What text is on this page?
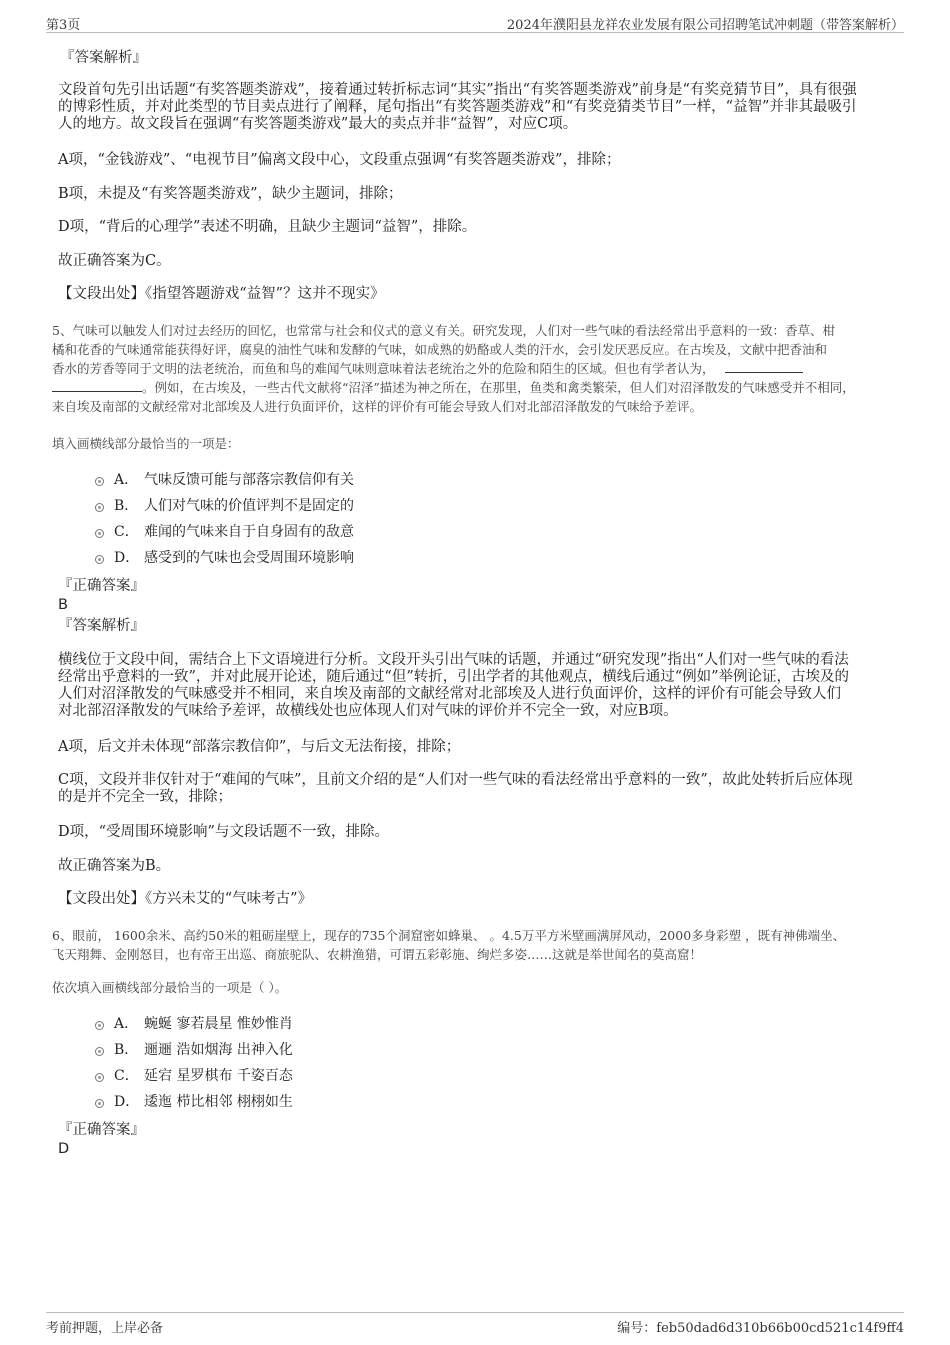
第3页	2024年濮阳县龙祥农业发展有限公司招聘笔试冲刺题（带答案解析）
『答案解析』
文段首句先引出话题“有奖答题类游戏”，接着通过转折标志词“其实”指出“有奖答题类游戏”前身是“有奖竞猜节目”，具有很强
的博彩性质，并对此类型的节目卖点进行了阐释，尾句指出“有奖答题类游戏”和“有奖竞猜类节目”一样，“益智”并非其最吸引
人的地方。故文段旨在强调“有奖答题类游戏”最大的卖点并非“益智”，对应C项。
A项，“金钱游戏”、“电视节目”偏离文段中心，文段重点强调“有奖答题类游戏”，排除；
B项，未提及“有奖答题类游戏”，缺少主题词，排除；
D项，“背后的心理学”表述不明确，且缺少主题词“益智”，排除。
故正确答案为C。
【文段出处】《指望答题游戏“益智”？这并不现实》
5、气味可以触发人们对过去经历的回忆，也常常与社会和仪式的意义有关。研究发现，人们对一些气味的看法经常出乎意料的一致：香草、柑
橘和花香的气味通常能获得好评，腐臭的油性气味和发酵的气味，如成熟的奶酪或人类的汗水，会引发厌恶反应。在古埃及，文献中把香油和
香水的芳香等同于文明的法老统治，而鱼和鸟的难闻气味则意味着法老统治之外的危险和陌生的区域。但也有学者认为，
。例如，在古埃及，一些古代文献将“沼泽”描述为神之所在，在那里，鱼类和禽类繁荣，但人们对沼泽散发的气味感受并不相同，
来自埃及南部的文献经常对北部埃及人进行负面评价，这样的评价有可能会导致人们对北部沼泽散发的气味给予差评。
填入画横线部分最恰当的一项是：
A． 气味反馈可能与部落宗教信仰有关
B． 人们对气味的价值评判不是固定的
C． 难闻的气味来自于自身固有的敌意
D． 感受到的气味也会受周围环境影响
『正确答案』
B
『答案解析』
横线位于文段中间，需结合上下文语境进行分析。文段开头引出气味的话题，并通过“研究发现”指出“人们对一些气味的看法
经常出乎意料的一致”，并对此展开论述，随后通过“但”转折，引出学者的其他观点，横线后通过“例如”举例论证，古埃及的
人们对沼泽散发的气味感受并不相同，来自埃及南部的文献经常对北部埃及人进行负面评价，这样的评价有可能会导致人们
对北部沼泽散发的气味给予差评，故横线处也应体现人们对气味的评价并不完全一致，对应B项。
A项，后文并未体现“部落宗教信仰”，与后文无法衔接，排除；
C项，文段并非仅针对于“难闻的气味”，且前文介绍的是“人们对一些气味的看法经常出乎意料的一致”，故此处转折后应体现
的是并不完全一致，排除；
D项，“受周围环境影响”与文段话题不一致，排除。
故正确答案为B。
【文段出处】《方兴未艾的“气味考古”》
6、眼前， 1600余米、高约50米的粗砺崖壁上，现存的735个洞窟密如蜂巢、 。4.5万平方米壁画满屏风动，2000多身彩塑 ，既有神佛端坐、
飞天翔舞、金刚怒目，也有帝王出巡、商旅驼队、农耕渔猎，可谓五彩彰施、绚烂多姿……这就是举世闻名的莫高窟！
依次填入画横线部分最恰当的一项是（ ）。
A． 蜿蜒 寥若晨星 惟妙惟肖
B． 逦逦 浩如烟海 出神入化
C． 延宕 星罗棋布 千姿百态
D． 逶迤 栉比相邻 栩栩如生
『正确答案』
D
考前押题，上岸必备	编号：feb50dad6d310b66b00cd521c14f9ff4
